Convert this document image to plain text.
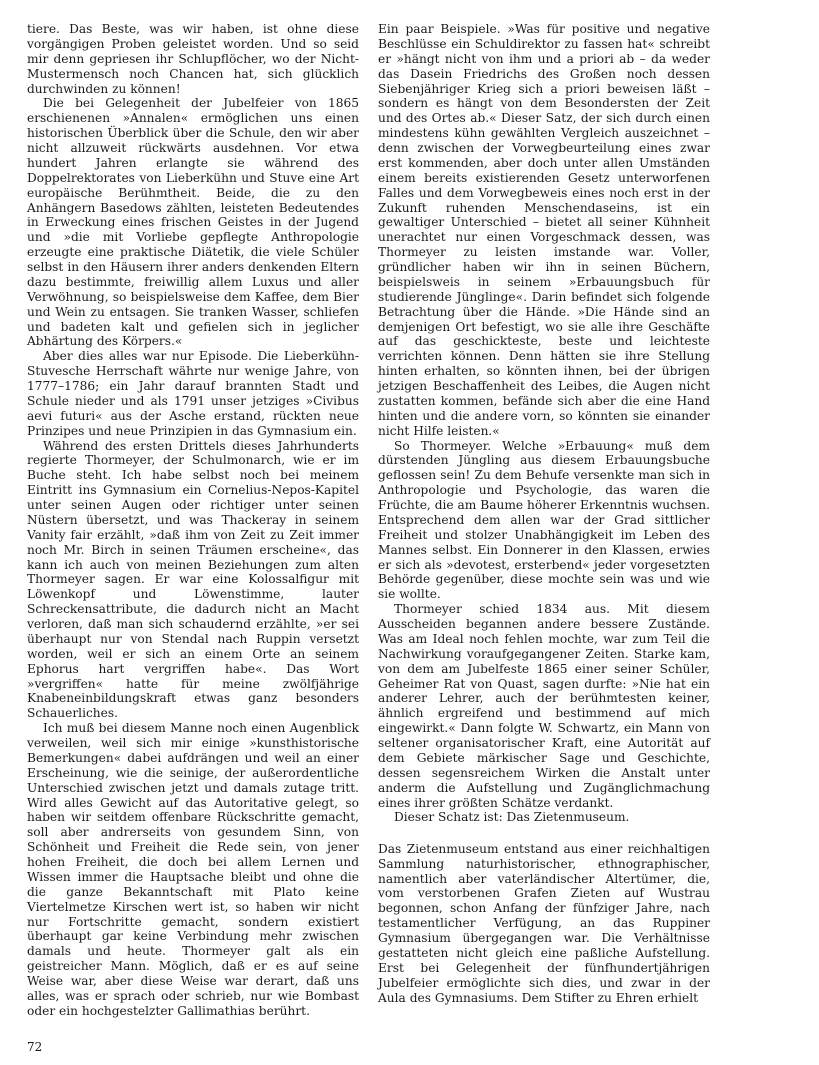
tiere. Das Beste, was wir haben, ist ohne diese vorgängigen Proben geleistet worden. Und so seid mir denn gepriesen ihr Schlupflöcher, wo der Nicht-Mustermensch noch Chancen hat, sich glücklich durchwinden zu können!

Die bei Gelegenheit der Jubelfeier von 1865 erschienenen »Annalen« ermöglichen uns einen historischen Überblick über die Schule, den wir aber nicht allzuweit rückwärts ausdehnen. Vor etwa hundert Jahren erlangte sie während des Doppelrektorates von Lieberkühn und Stuve eine Art europäische Berühmtheit. Beide, die zu den Anhängern Basedows zählten, leisteten Bedeutendes in Erweckung eines frischen Geistes in der Jugend und »die mit Vorliebe gepflegte Anthropologie erzeugte eine praktische Diätetik, die viele Schüler selbst in den Häusern ihrer anders denkenden Eltern dazu bestimmte, freiwillig allem Luxus und aller Verwöhnung, so beispielsweise dem Kaffee, dem Bier und Wein zu entsagen. Sie tranken Wasser, schliefen und badeten kalt und gefielen sich in jeglicher Abhärtung des Körpers.«

Aber dies alles war nur Episode. Die Lieberkühn-Stuvesche Herrschaft währte nur wenige Jahre, von 1777–1786; ein Jahr darauf brannten Stadt und Schule nieder und als 1791 unser jetziges »Civibus aevi futuri« aus der Asche erstand, rückten neue Prinzipes und neue Prinzipien in das Gymnasium ein.

Während des ersten Drittels dieses Jahrhunderts regierte Thormeyer, der Schulmonarch, wie er im Buche steht. Ich habe selbst noch bei meinem Eintritt ins Gymnasium ein Cornelius-Nepos-Kapitel unter seinen Augen oder richtiger unter seinen Nüstern übersetzt, und was Thackeray in seinem Vanity fair erzählt, »daß ihm von Zeit zu Zeit immer noch Mr. Birch in seinen Träumen erscheine«, das kann ich auch von meinen Beziehungen zum alten Thormeyer sagen. Er war eine Kolossalfigur mit Löwenkopf und Löwenstimme, lauter Schreckensattribute, die dadurch nicht an Macht verloren, daß man sich schaudernd erzählte, »er sei überhaupt nur von Stendal nach Ruppin versetzt worden, weil er sich an einem Orte an seinem Ephorus hart vergriffen habe«. Das Wort »vergriffen« hatte für meine zwölfjährige Knabeneinbildungskraft etwas ganz besonders Schauerliches.

Ich muß bei diesem Manne noch einen Augenblick verweilen, weil sich mir einige »kunsthistorische Bemerkungen« dabei aufdrängen und weil an einer Erscheinung, wie die seinige, der außerordentliche Unterschied zwischen jetzt und damals zutage tritt. Wird alles Gewicht auf das Autoritative gelegt, so haben wir seitdem offenbare Rückschritte gemacht, soll aber andrerseits von gesundem Sinn, von Schönheit und Freiheit die Rede sein, von jener hohen Freiheit, die doch bei allem Lernen und Wissen immer die Hauptsache bleibt und ohne die die ganze Bekanntschaft mit Plato keine Viertelmetze Kirschen wert ist, so haben wir nicht nur Fortschritte gemacht, sondern existiert überhaupt gar keine Verbindung mehr zwischen damals und heute. Thormeyer galt als ein geistreicher Mann. Möglich, daß er es auf seine Weise war, aber diese Weise war derart, daß uns alles, was er sprach oder schrieb, nur wie Bombast oder ein hochgestelzter Gallimathias berührt.

Ein paar Beispiele. »Was für positive und negative Beschlüsse ein Schuldirektor zu fassen hat« schreibt er »hängt nicht von ihm und a priori ab – da weder das Dasein Friedrichs des Großen noch dessen Siebenjähriger Krieg sich a priori beweisen läßt – sondern es hängt von dem Besondersten der Zeit und des Ortes ab.« Dieser Satz, der sich durch einen mindestens kühn gewählten Vergleich auszeichnet – denn zwischen der Vorwegbeurteilung eines zwar erst kommenden, aber doch unter allen Umständen einem bereits existierenden Gesetz unterworfenen Falles und dem Vorwegbeweis eines noch erst in der Zukunft ruhenden Menschendaseins, ist ein gewaltiger Unterschied – bietet all seiner Kühnheit unerachtet nur einen Vorgeschmack dessen, was Thormeyer zu leisten imstande war. Voller, gründlicher haben wir ihn in seinen Büchern, beispielsweis in seinem »Erbauungsbuch für studierende Jünglinge«. Darin befindet sich folgende Betrachtung über die Hände. »Die Hände sind an demjenigen Ort befestigt, wo sie alle ihre Geschäfte auf das geschickteste, beste und leichteste verrichten können. Denn hätten sie ihre Stellung hinten erhalten, so könnten ihnen, bei der übrigen jetzigen Beschaffenheit des Leibes, die Augen nicht zustatten kommen, befände sich aber die eine Hand hinten und die andere vorn, so könnten sie einander nicht Hilfe leisten.«

So Thormeyer. Welche »Erbauung« muß dem dürstenden Jüngling aus diesem Erbauungsbuche geflossen sein! Zu dem Behufe versenkte man sich in Anthropologie und Psychologie, das waren die Früchte, die am Baume höherer Erkenntnis wuchsen. Entsprechend dem allen war der Grad sittlicher Freiheit und stolzer Unabhängigkeit im Leben des Mannes selbst. Ein Donnerer in den Klassen, erwies er sich als »devotest, ersterbend« jeder vorgesetzten Behörde gegenüber, diese mochte sein was und wie sie wollte.

Thormeyer schied 1834 aus. Mit diesem Ausscheiden begannen andere bessere Zustände. Was am Ideal noch fehlen mochte, war zum Teil die Nachwirkung voraufgegangener Zeiten. Starke kam, von dem am Jubelfeste 1865 einer seiner Schüler, Geheimer Rat von Quast, sagen durfte: »Nie hat ein anderer Lehrer, auch der berühmtesten keiner, ähnlich ergreifend und bestimmend auf mich eingewirkt.« Dann folgte W. Schwartz, ein Mann von seltener organisatorischer Kraft, eine Autorität auf dem Gebiete märkischer Sage und Geschichte, dessen segensreichem Wirken die Anstalt unter anderm die Aufstellung und Zugänglichmachung eines ihrer größten Schätze verdankt.

Dieser Schatz ist: Das Zietenmuseum.

Das Zietenmuseum entstand aus einer reichhaltigen Sammlung naturhistorischer, ethnographischer, namentlich aber vaterländischer Altertümer, die, vom verstorbenen Grafen Zieten auf Wustrau begonnen, schon Anfang der fünfziger Jahre, nach testamentlicher Verfügung, an das Ruppiner Gymnasium übergegangen war. Die Verhältnisse gestatteten nicht gleich eine paßliche Aufstellung. Erst bei Gelegenheit der fünfhundertjährigen Jubelfeier ermöglichte sich dies, und zwar in der Aula des Gymnasiums. Dem Stifter zu Ehren erhielt

72
